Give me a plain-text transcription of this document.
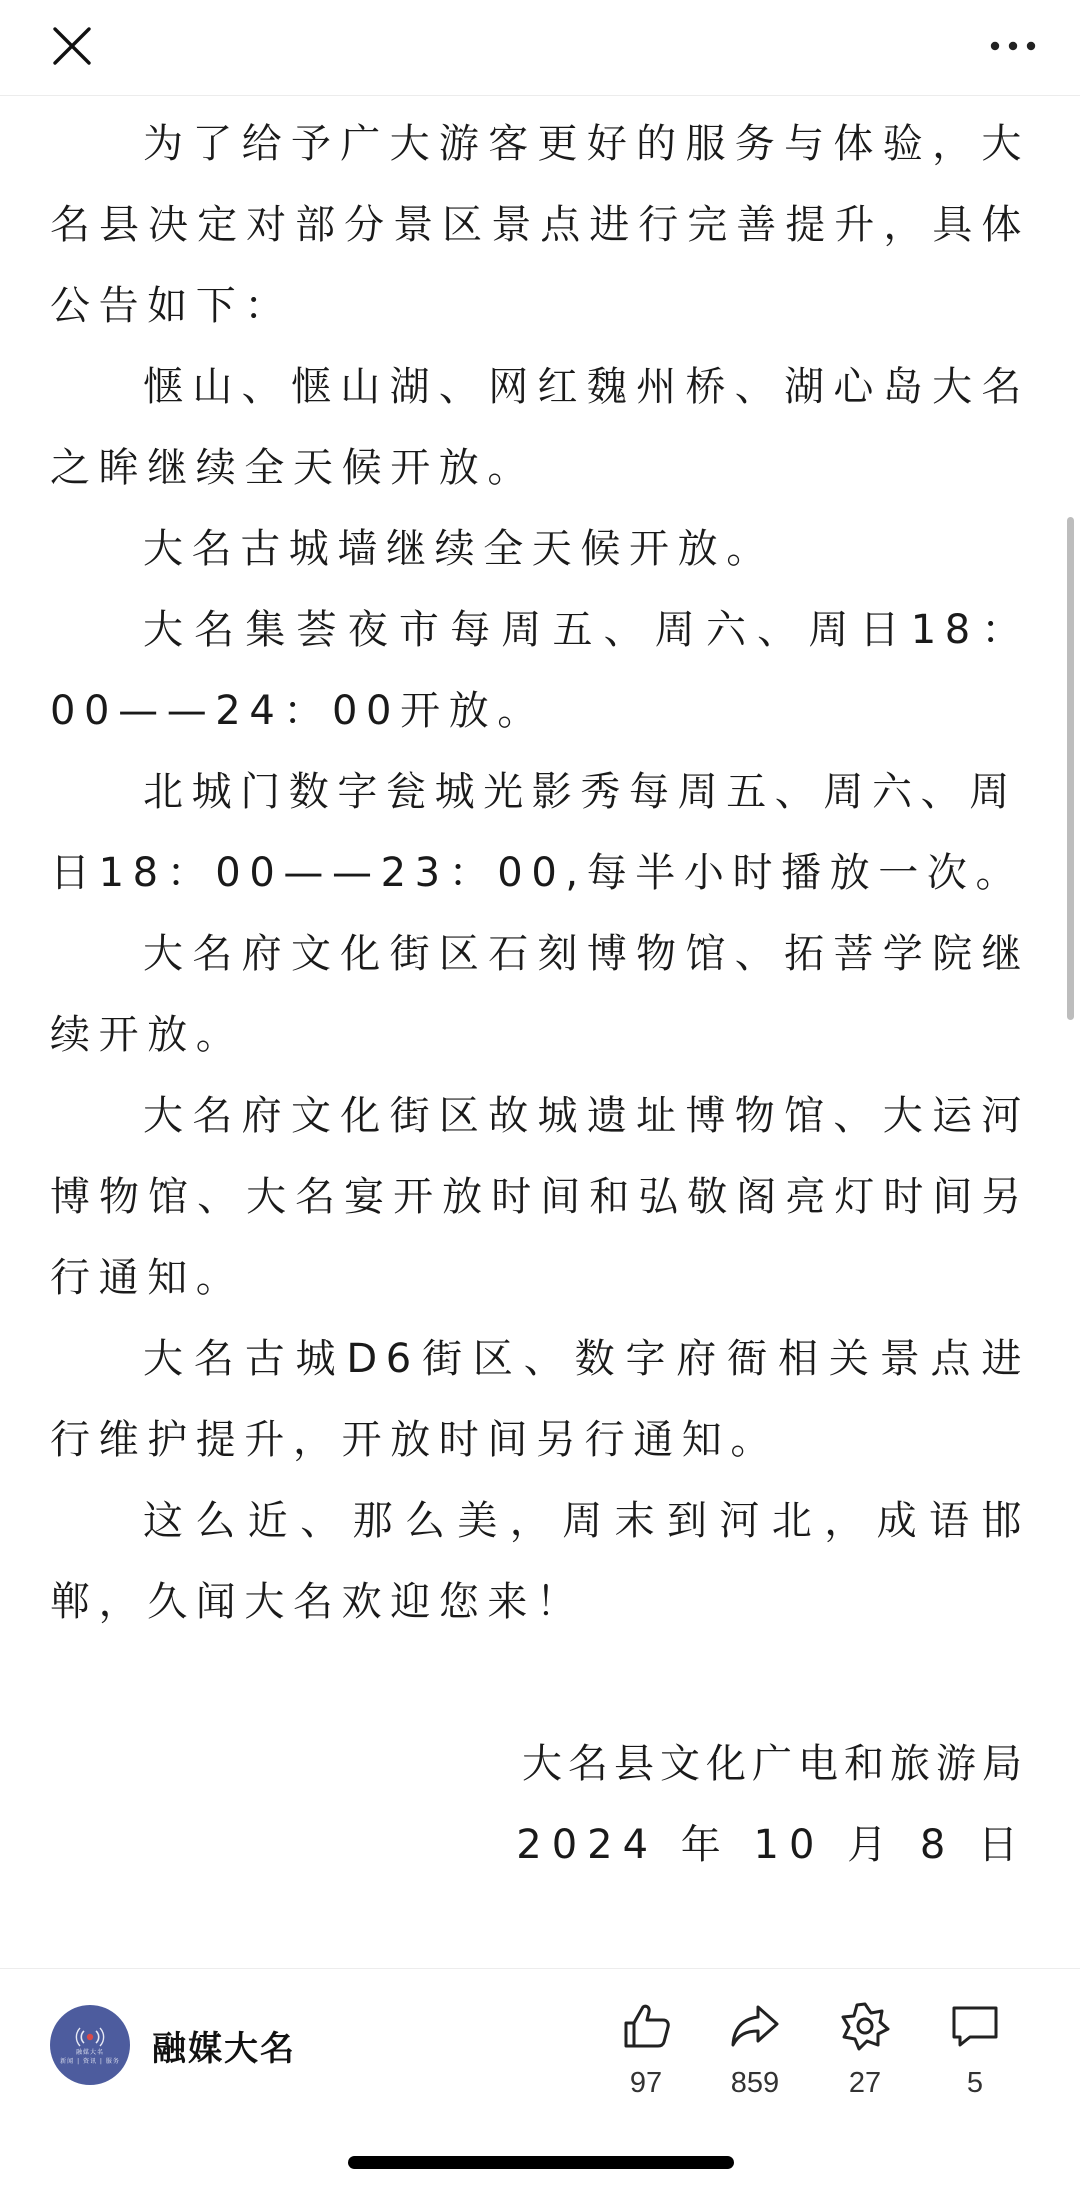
为了给予广大游客更好的服务与体验，大名县决定对部分景区景点进行完善提升，具体公告如下：

惬山、惬山湖、网红魏州桥、湖心岛大名之眸继续全天候开放。

大名古城墙继续全天候开放。

大名集荟夜市每周五、周六、周日18：00——24：00开放。

北城门数字瓮城光影秀每周五、周六、周日18：00——23：00,每半小时播放一次。

大名府文化街区石刻博物馆、拓菩学院继续开放。

大名府文化街区故城遗址博物馆、大运河博物馆、大名宴开放时间和弘敬阁亮灯时间另行通知。

大名古城D6街区、数字府衙相关景点进行维护提升，开放时间另行通知。

这么近、那么美，周末到河北，成语邯郸，久闻大名欢迎您来！

大名县文化广电和旅游局

2024 年 10 月 8 日

融媒大名
新闻 | 资讯 | 服务 融媒大名
97 859 27	5
